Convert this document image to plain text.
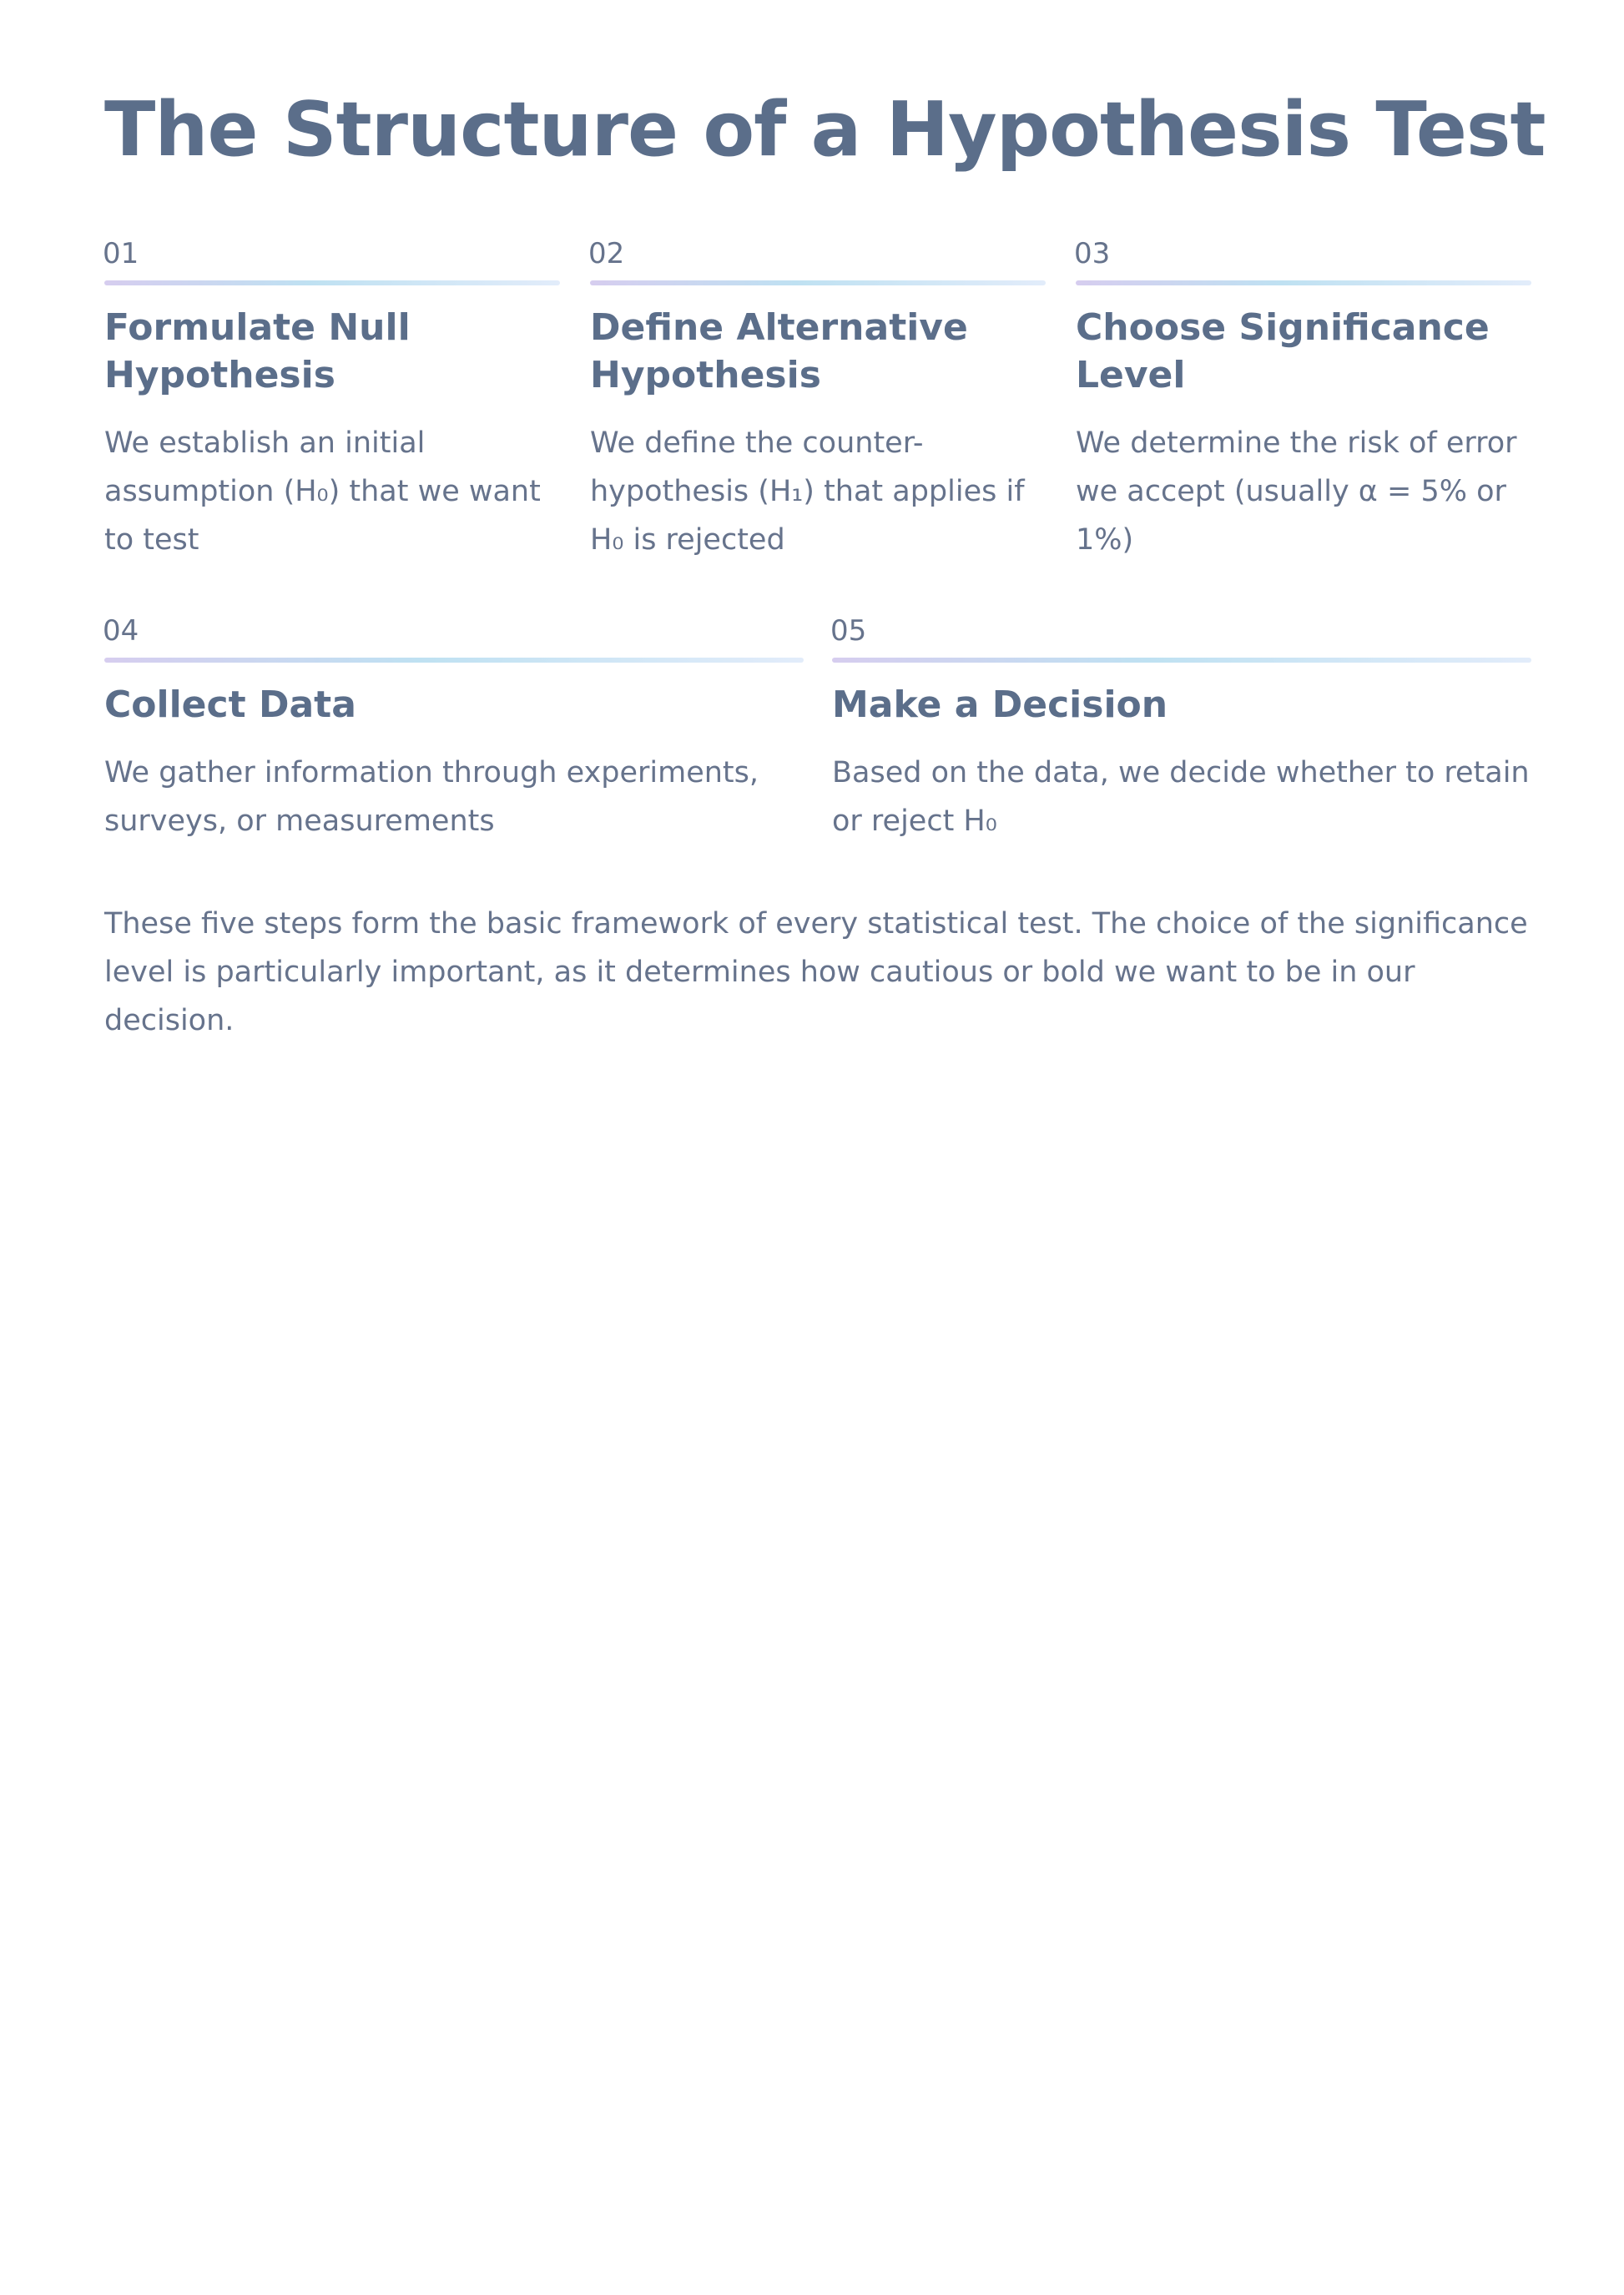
The Structure of a Hypothesis Test
01
Formulate Null Hypothesis

We establish an initial assumption (H₀) that we want to test

02
Define Alternative Hypothesis

We define the counter-hypothesis (H₁) that applies if H₀ is rejected

03
Choose Significance Level

We determine the risk of error we accept (usually α = 5% or 1%)

04
Collect Data

We gather information through experiments, surveys, or measurements

05
Make a Decision

Based on the data, we decide whether to retain or reject H₀

These five steps form the basic framework of every statistical test. The choice of the significance level is particularly important, as it determines how cautious or bold we want to be in our decision.
